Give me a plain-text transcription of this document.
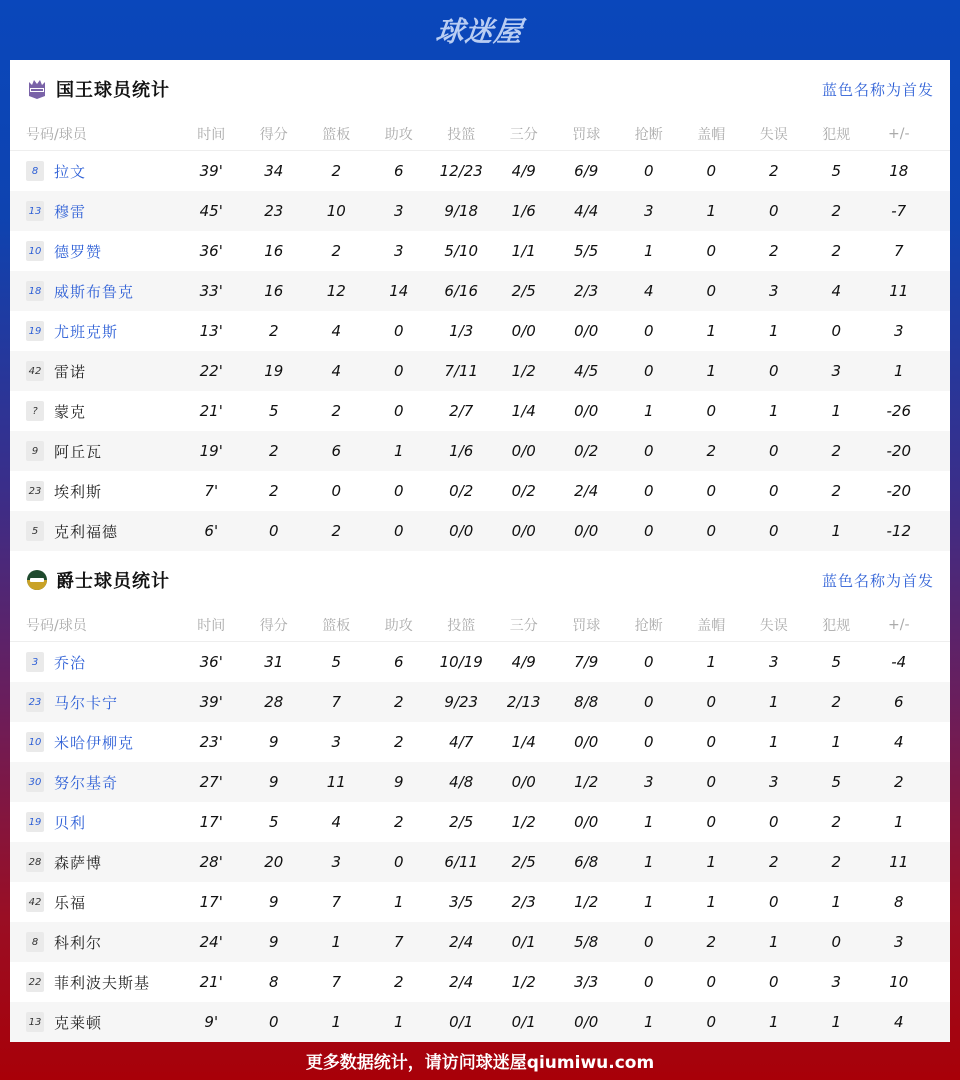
球迷屋
国王球员统计	蓝色名称为首发
号码/球员	时间	得分	篮板	助攻	投篮	三分	罚球	抢断	盖帽	失误	犯规	+/-
8	拉文	39'	34	2	6	12/23	4/9	6/9	0	0	2	5	18
13 穆雷	45'	23	10	3	9/18	1/6	4/4	3	1	0	2	-7
10 德罗赞	36'	16	2	3	5/10	1/1	5/5	1	0	2	2	7
18 威斯布鲁克	33'	16	12	14	6/16	2/5	2/3	4	0	3	4	11
19 尤班克斯	13'	2	4	0	1/3	0/0	0/0	0	1	1	0	3
42 雷诺	22'	19	4	0	7/11	1/2	4/5	0	1	0	3	1
?	蒙克	21'	5	2	0	2/7	1/4	0/0	1	0	1	1	-26
9	阿丘瓦	19'	2	6	1	1/6	0/0	0/2	0	2	0	2	-20
23 埃利斯	7'	2	0	0	0/2	0/2	2/4	0	0	0	2	-20
5	克利福德	6'	0	2	0	0/0	0/0	0/0	0	0	0	1	-12
爵士球员统计	蓝色名称为首发
号码/球员	时间	得分	篮板	助攻	投篮	三分	罚球	抢断	盖帽	失误	犯规	+/-
3	乔治	36'	31	5	6	10/19	4/9	7/9	0	1	3	5	-4
23 马尔卡宁	39'	28	7	2	9/23	2/13	8/8	0	0	1	2	6
10 米哈伊柳克	23'	9	3	2	4/7	1/4	0/0	0	0	1	1	4
30 努尔基奇	27'	9	11	9	4/8	0/0	1/2	3	0	3	5	2
19 贝利	17'	5	4	2	2/5	1/2	0/0	1	0	0	2	1
28 森萨博	28'	20	3	0	6/11	2/5	6/8	1	1	2	2	11
42 乐福	17'	9	7	1	3/5	2/3	1/2	1	1	0	1	8
8	科利尔	24'	9	1	7	2/4	0/1	5/8	0	2	1	0	3
22 菲利波夫斯基	21'	8	7	2	2/4	1/2	3/3	0	0	0	3	10
13 克莱顿	9'	0	1	1	0/1	0/1	0/0	1	0	1	1	4
更多数据统计，请访问球迷屋qiumiwu.com
